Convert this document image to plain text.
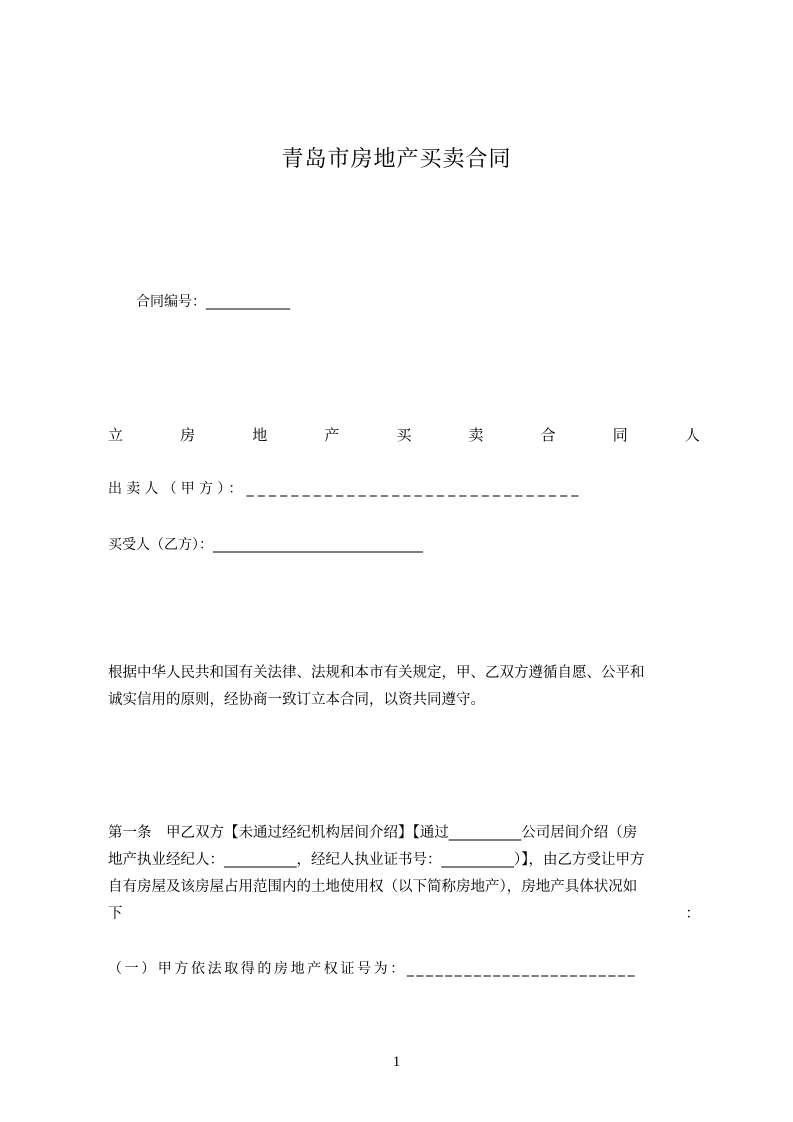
青岛市房地产买卖合同
合同编号：____________
立	房	地	产	买	卖	合	同	人
出卖人（甲方）：______________________________
买受人（乙方）：______________________________
根据中华人民共和国有关法律、法规和本市有关规定，甲、乙双方遵循自愿、公平和
诚实信用的原则，经协商一致订立本合同，以资共同遵守。
第一条　甲乙双方【未通过经纪机构居间介绍】【通过__________公司居间介绍（房
地产执业经纪人：__________，经纪人执业证书号：__________）】，由乙方受让甲方
自有房屋及该房屋占用范围内的土地使用权（以下简称房地产），房地产具体状况如
下	：
（一）甲方依法取得的房地产权证号为：________________________
1
